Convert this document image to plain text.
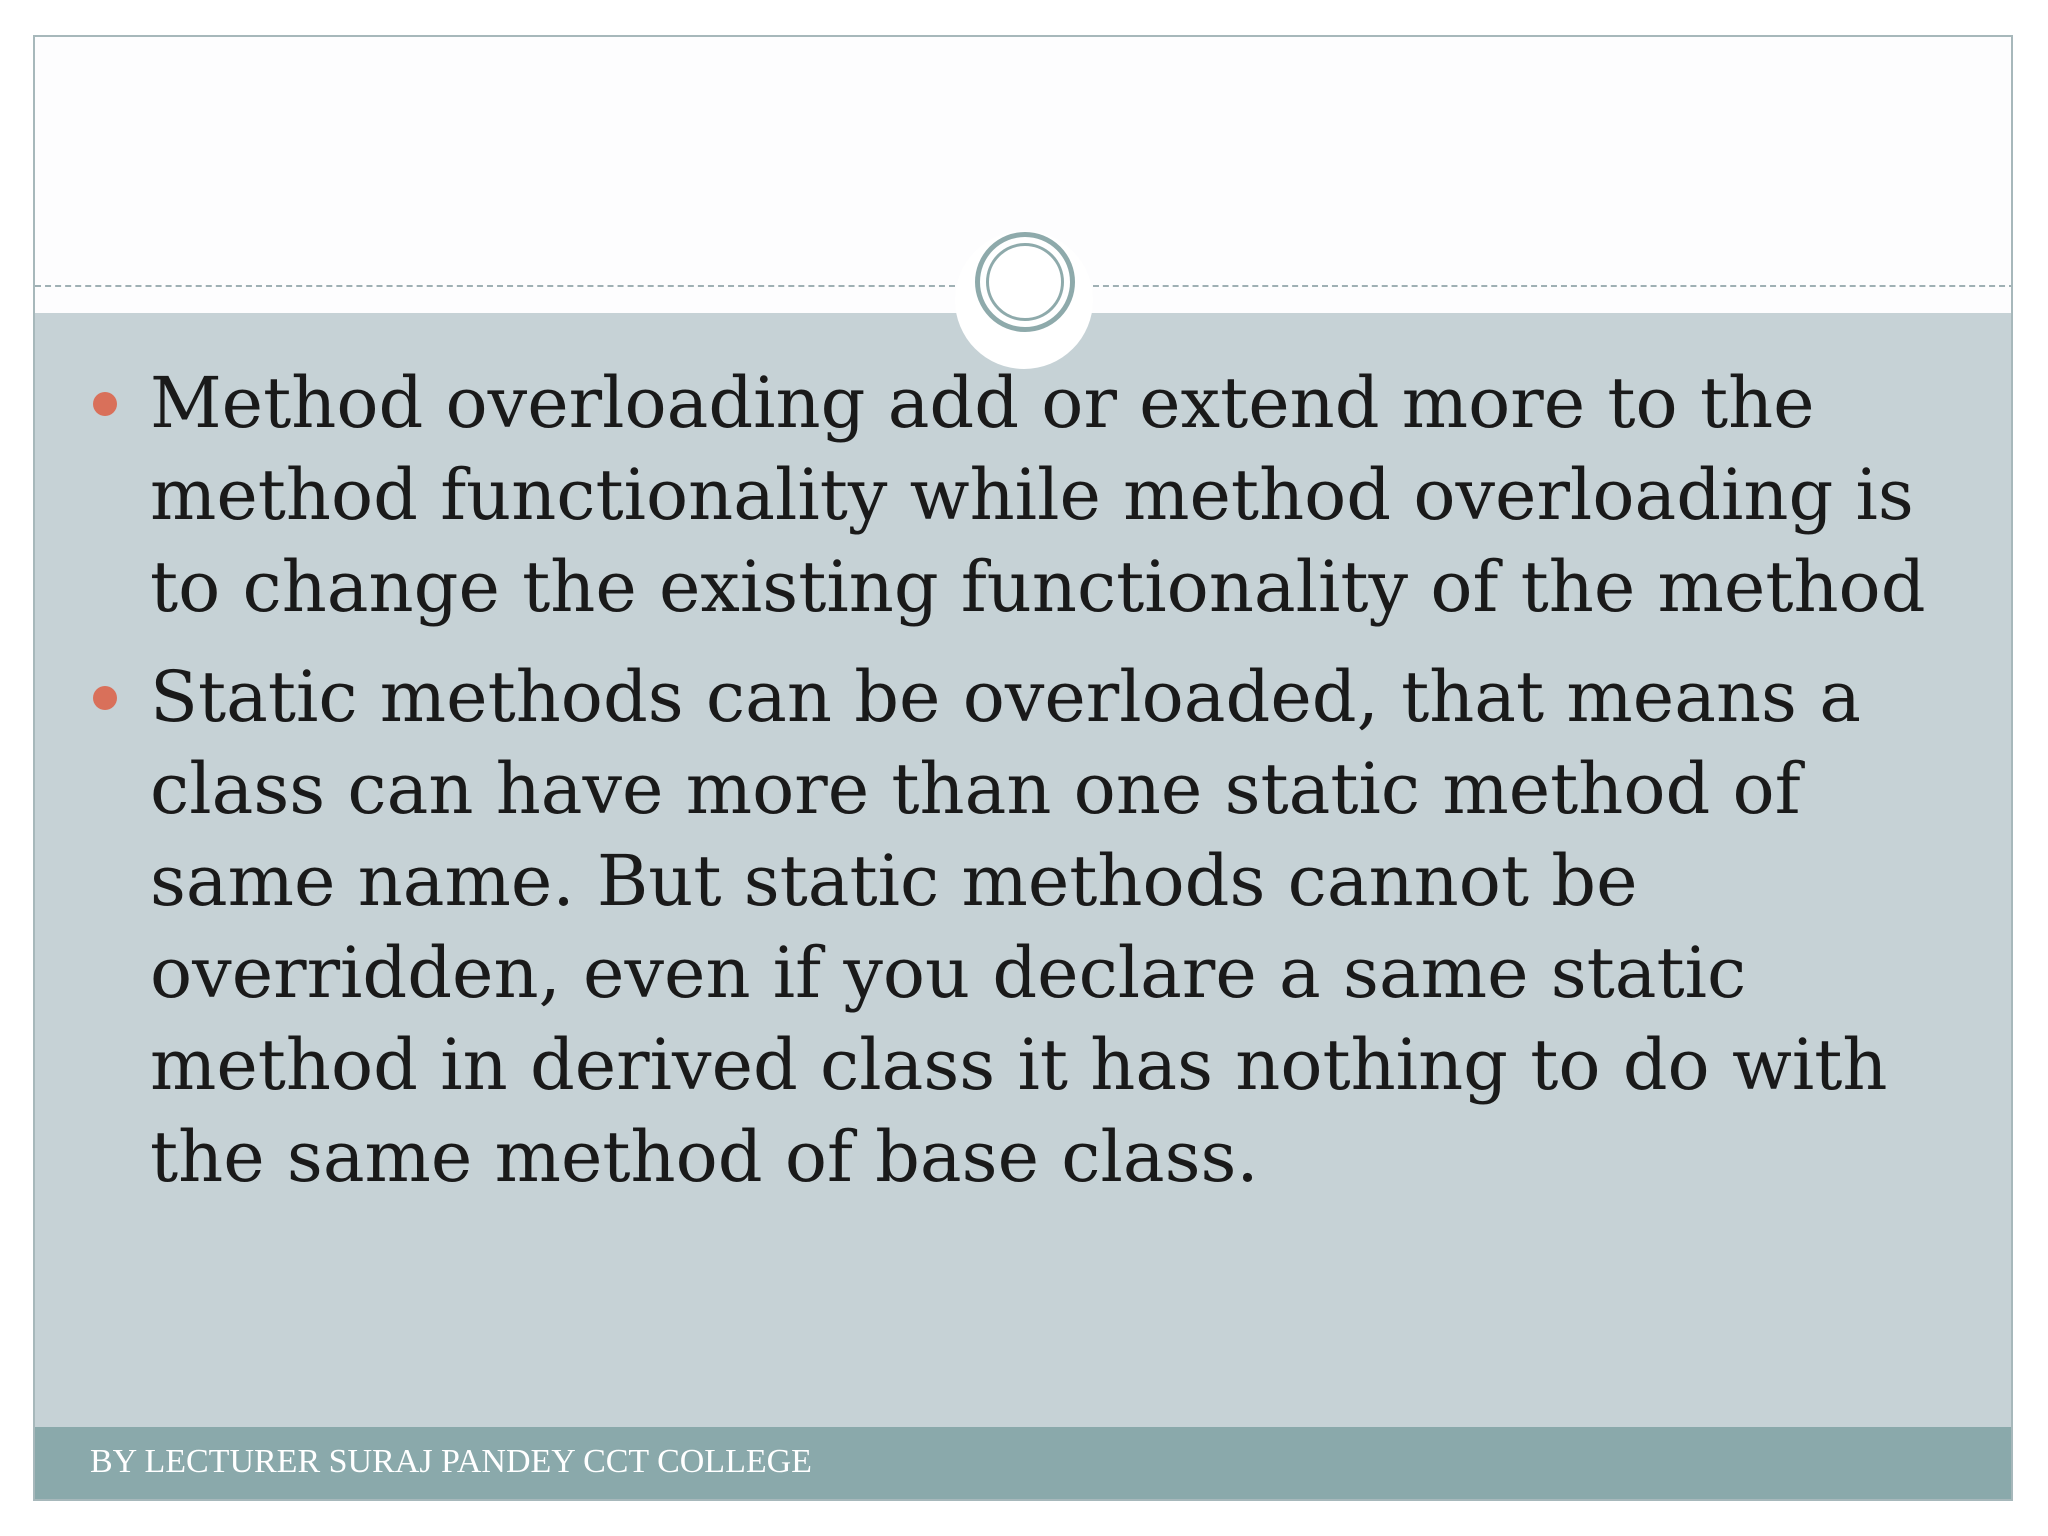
Method overloading add or extend more to the method functionality while method overloading is to change the existing functionality of the method
Static methods can be overloaded, that means a class can have more than one static method of same name. But static methods cannot be overridden, even if you declare a same static method in derived class it has nothing to do with the same method of base class.
BY LECTURER SURAJ PANDEY CCT COLLEGE
